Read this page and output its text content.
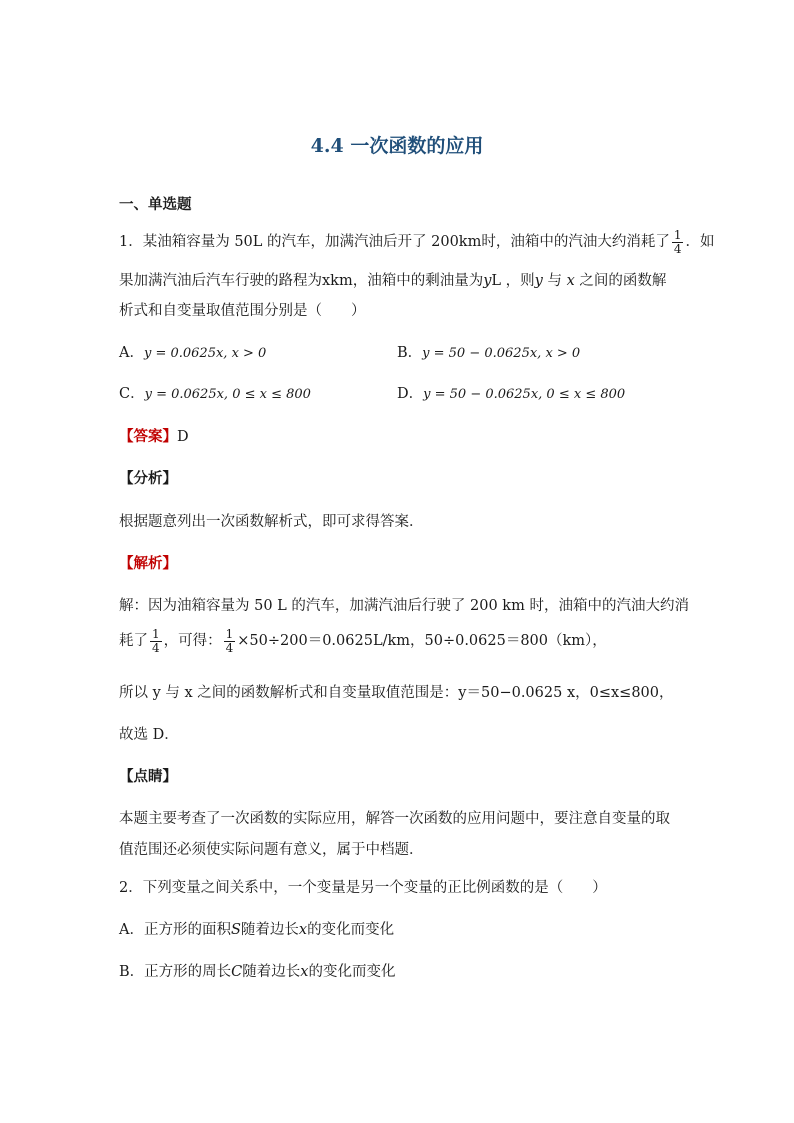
4.4 一次函数的应用
一、单选题
1．某油箱容量为 50L 的汽车，加满汽油后开了 200km时，油箱中的汽油大约消耗了 $\frac{1}{4}$ ．如
果加满汽油后汽车行驶的路程为xkm，油箱中的剩油量为yL ，则y 与 x 之间的函数解
析式和自变量取值范围分别是（　　）
A．y = 0.0625x, x > 0	B．y = 50 − 0.0625x, x > 0
C．y = 0.0625x, 0 ≤ x ≤ 800	D．y = 50 − 0.0625x, 0 ≤ x ≤ 800
【答案】D
【分析】
根据题意列出一次函数解析式，即可求得答案．
【解析】
解：因为油箱容量为 50 L 的汽车，加满汽油后行驶了 200 km 时，油箱中的汽油大约消
耗了 $\frac{1}{4}$ ，可得： $\frac{1}{4} \times 50\div 200=0.0625L/km$，50÷0.0625＝800（km），
所以 y 与 x 之间的函数解析式和自变量取值范围是：y＝50−0.0625 x，0≤x≤800，
故选 D．
【点睛】
本题主要考查了一次函数的实际应用，解答一次函数的应用问题中，要注意自变量的取
值范围还必须使实际问题有意义，属于中档题．
2．下列变量之间关系中，一个变量是另一个变量的正比例函数的是（　　）
A．正方形的面积S随着边长x的变化而变化
B．正方形的周长C随着边长x的变化而变化
